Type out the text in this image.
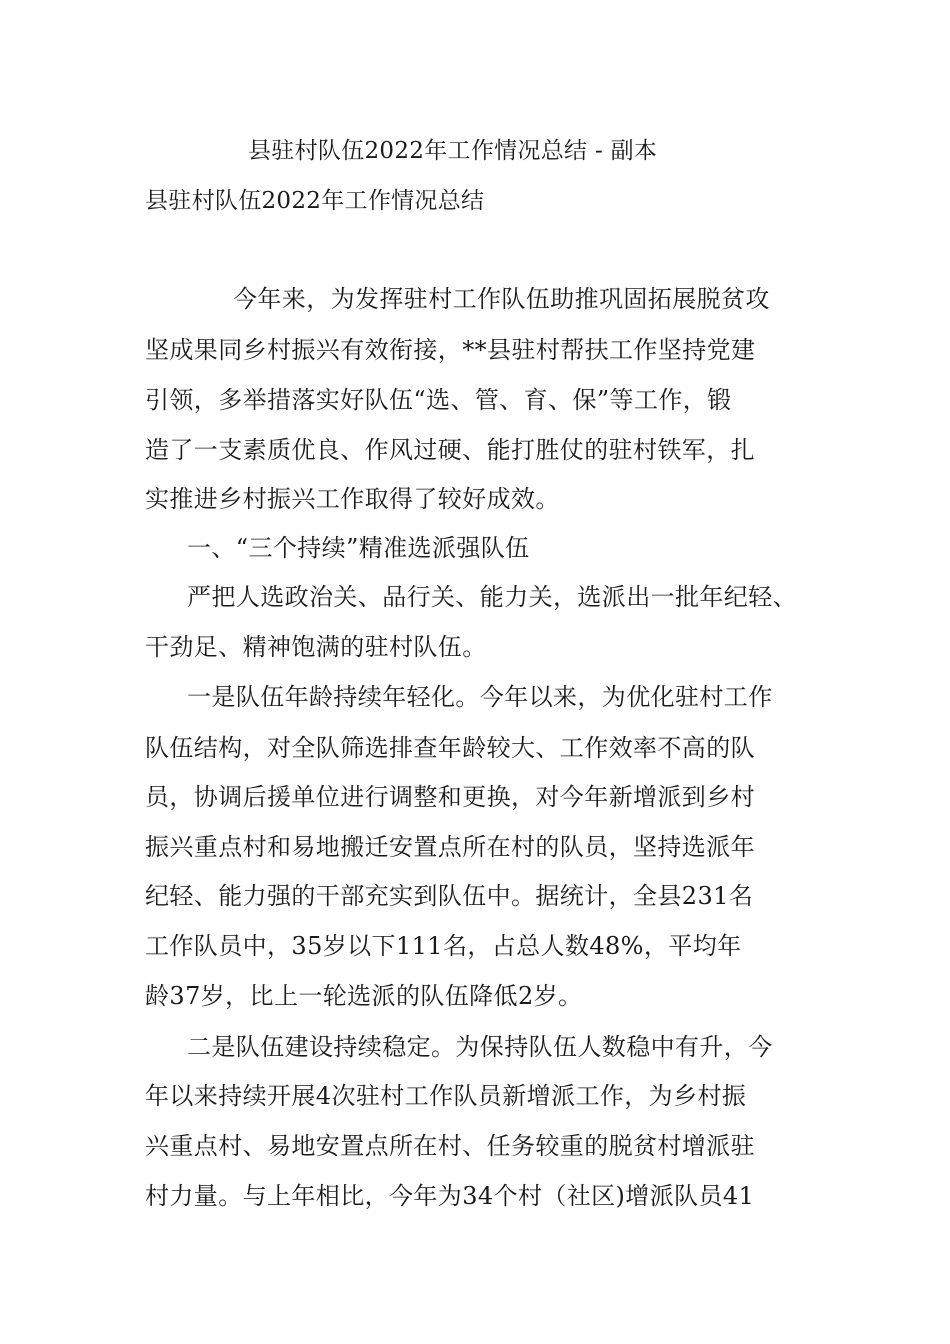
县驻村队伍2022年工作情况总结 - 副本
县驻村队伍2022年工作情况总结
今年来，为发挥驻村工作队伍助推巩固拓展脱贫攻
坚成果同乡村振兴有效衔接，**县驻村帮扶工作坚持党建
引领，多举措落实好队伍“选、管、育、保”等工作，锻
造了一支素质优良、作风过硬、能打胜仗的驻村铁军，扎
实推进乡村振兴工作取得了较好成效。
一、“三个持续”精准选派强队伍
严把人选政治关、品行关、能力关，选派出一批年纪轻、
干劲足、精神饱满的驻村队伍。
一是队伍年龄持续年轻化。今年以来，为优化驻村工作
队伍结构，对全队筛选排查年龄较大、工作效率不高的队
员，协调后援单位进行调整和更换，对今年新增派到乡村
振兴重点村和易地搬迁安置点所在村的队员，坚持选派年
纪轻、能力强的干部充实到队伍中。据统计，全县231名
工作队员中，35岁以下111名，占总人数48%，平均年
龄37岁，比上一轮选派的队伍降低2岁。
二是队伍建设持续稳定。为保持队伍人数稳中有升，今
年以来持续开展4次驻村工作队员新增派工作，为乡村振
兴重点村、易地安置点所在村、任务较重的脱贫村增派驻
村力量。与上年相比，今年为34个村（社区)增派队员41
